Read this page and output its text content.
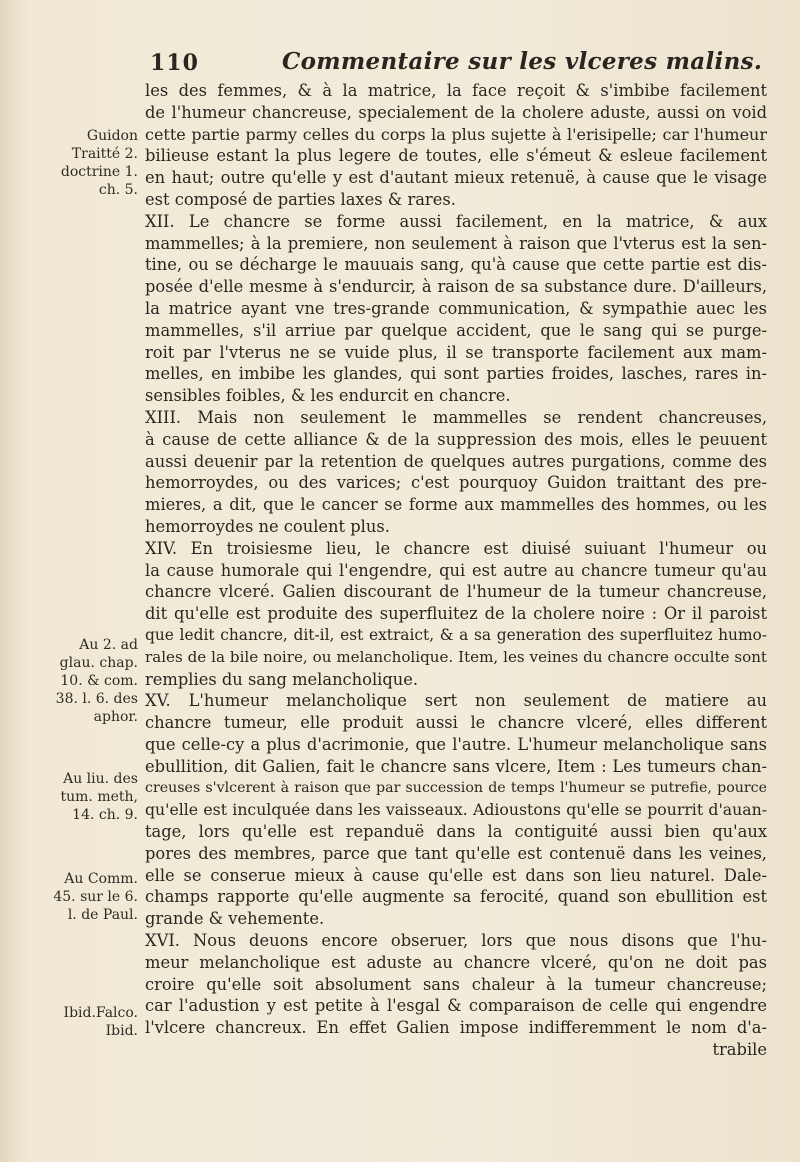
110	Commentaire sur les vlceres malins.
Guidon
Traitté 2.
doctrine 1.
ch. 5.
Au 2. ad
glau. chap.
10. & com.
38. l. 6. des
aphor.
Au liu. des
tum. meth,
14. ch. 9.
Au Comm.
45. sur le 6.
l. de Paul.
Ibid.Falco.
Ibid.
les des femmes, & à la matrice, la face reçoit & s'imbibe facilement
de l'humeur chancreuse, specialement de la cholere aduste, aussi on void
cette partie parmy celles du corps la plus sujette à l'erisipelle; car l'humeur
bilieuse estant la plus legere de toutes, elle s'émeut & esleue facilement
en haut; outre qu'elle y est d'autant mieux retenuë, à cause que le visage
est composé de parties laxes & rares.
XII. Le chancre se forme aussi facilement, en la matrice, & aux
mammelles; à la premiere, non seulement à raison que l'vterus est la sen-
tine, ou se décharge le mauuais sang, qu'à cause que cette partie est dis-
posée d'elle mesme à s'endurcir, à raison de sa substance dure. D'ailleurs,
la matrice ayant vne tres-grande communication, & sympathie auec les
mammelles, s'il arriue par quelque accident, que le sang qui se purge-
roit par l'vterus ne se vuide plus, il se transporte facilement aux mam-
melles, en imbibe les glandes, qui sont parties froides, lasches, rares in-
sensibles foibles, & les endurcit en chancre.
XIII. Mais non seulement le mammelles se rendent chancreuses,
à cause de cette alliance & de la suppression des mois, elles le peuuent
aussi deuenir par la retention de quelques autres purgations, comme des
hemorroydes, ou des varices; c'est pourquoy Guidon traittant des pre-
mieres, a dit, que le cancer se forme aux mammelles des hommes, ou les
hemorroydes ne coulent plus.
XIV. En troisiesme lieu, le chancre est diuisé suiuant l'humeur ou
la cause humorale qui l'engendre, qui est autre au chancre tumeur qu'au
chancre vlceré. Galien discourant de l'humeur de la tumeur chancreuse,
dit qu'elle est produite des superfluitez de la cholere noire : Or il paroist
que ledit chancre, dit-il, est extraict, & a sa generation des superfluitez humo-
rales de la bile noire, ou melancholique. Item, les veines du chancre occulte sont
remplies du sang melancholique.
XV. L'humeur melancholique sert non seulement de matiere au
chancre tumeur, elle produit aussi le chancre vlceré, elles different
que celle-cy a plus d'acrimonie, que l'autre. L'humeur melancholique sans
ebullition, dit Galien, fait le chancre sans vlcere, Item : Les tumeurs chan-
creuses s'vlcerent à raison que par succession de temps l'humeur se putrefie, pource
qu'elle est inculquée dans les vaisseaux. Adioustons qu'elle se pourrit d'auan-
tage, lors qu'elle est repanduë dans la contiguité aussi bien qu'aux
pores des membres, parce que tant qu'elle est contenuë dans les veines,
elle se conserue mieux à cause qu'elle est dans son lieu naturel. Dale-
champs rapporte qu'elle augmente sa ferocité, quand son ebullition est
grande & vehemente.
XVI. Nous deuons encore obseruer, lors que nous disons que l'hu-
meur melancholique est aduste au chancre vlceré, qu'on ne doit pas
croire qu'elle soit absolument sans chaleur à la tumeur chancreuse;
car l'adustion y est petite à l'esgal & comparaison de celle qui engendre
l'vlcere chancreux. En effet Galien impose indifferemment le nom d'a-
trabile
